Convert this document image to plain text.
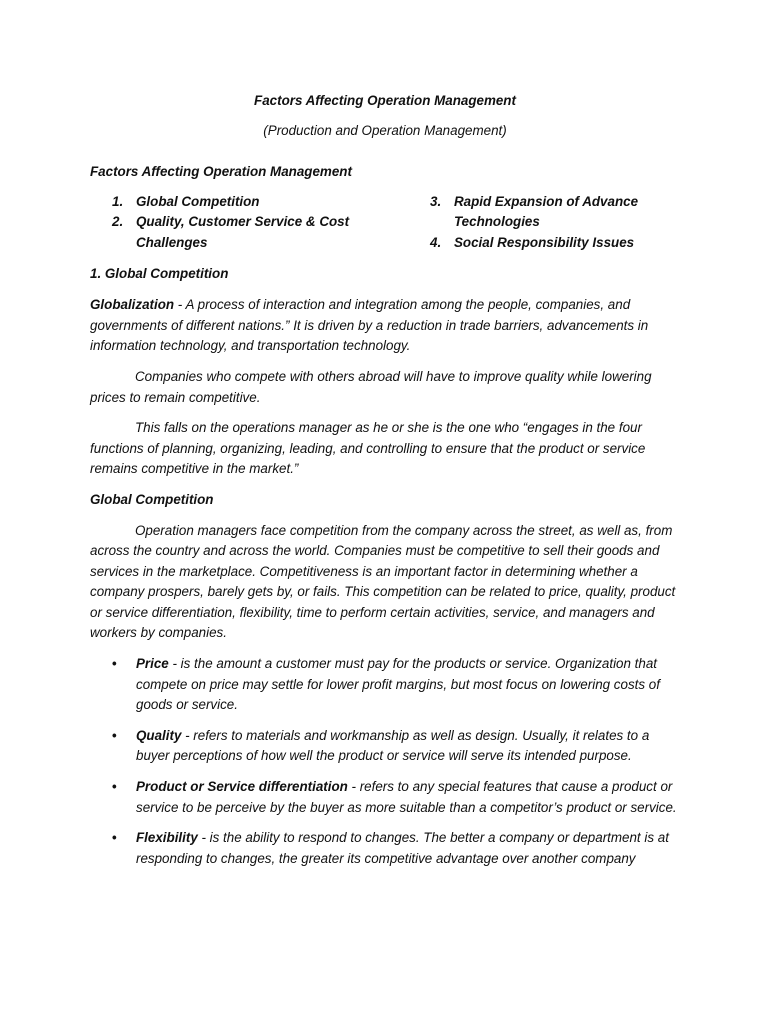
Factors Affecting Operation Management

(Production and Operation Management)

Factors Affecting Operation Management

1. Global Competition
2. Quality, Customer Service & Cost Challenges
3. Rapid Expansion of Advance Technologies
4. Social Responsibility Issues

1. Global Competition

Globalization - A process of interaction and integration among the people, companies, and governments of different nations.” It is driven by a reduction in trade barriers, advancements in information technology, and transportation technology.

Companies who compete with others abroad will have to improve quality while lowering prices to remain competitive.

This falls on the operations manager as he or she is the one who “engages in the four functions of planning, organizing, leading, and controlling to ensure that the product or service remains competitive in the market.”

Global Competition

Operation managers face competition from the company across the street, as well as, from across the country and across the world. Companies must be competitive to sell their goods and services in the marketplace. Competitiveness is an important factor in determining whether a company prospers, barely gets by, or fails. This competition can be related to price, quality, product or service differentiation, flexibility, time to perform certain activities, service, and managers and workers by companies.

•	Price - is the amount a customer must pay for the products or service. Organization that compete on price may settle for lower profit margins, but most focus on lowering costs of goods or service.
•	Quality - refers to materials and workmanship as well as design. Usually, it relates to a buyer perceptions of how well the product or service will serve its intended purpose.
•	Product or Service differentiation - refers to any special features that cause a product or service to be perceive by the buyer as more suitable than a competitor’s product or service.
•	Flexibility - is the ability to respond to changes. The better a company or department is at responding to changes, the greater its competitive advantage over another company
